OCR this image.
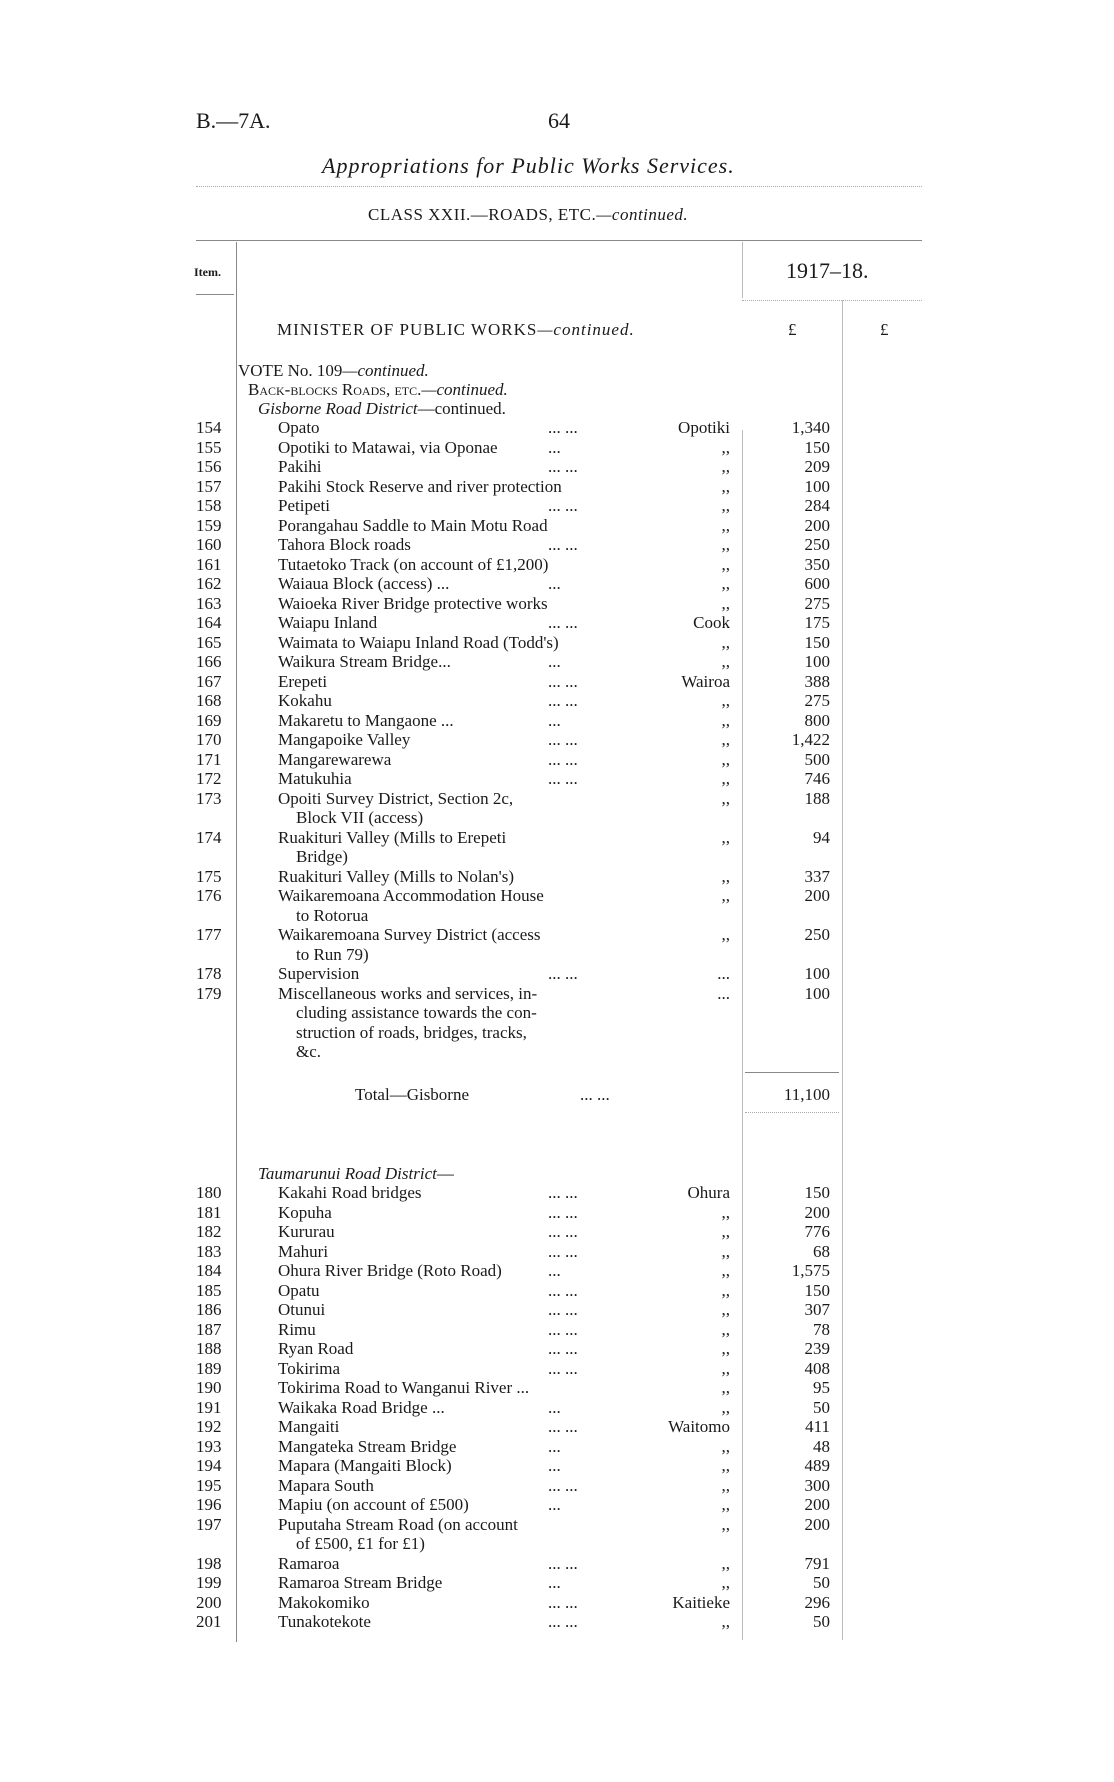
B.—7A.	64
Appropriations for Public Works Services.
CLASS XXII.—ROADS, ETC.—continued.
Item.	1917–18.
MINISTER OF PUBLIC WORKS—continued.	£	£
VOTE No. 109—continued.
Back-blocks Roads, etc.—continued.
Gisborne Road District—continued.
154	Opato	... ...	Opotiki	1,340
155	Opotiki to Matawai, via Oponae	...	,,	150
156	Pakihi	... ...	,,	209
157	Pakihi Stock Reserve and river protection	,,	100
158	Petipeti	... ...	,,	284
159	Porangahau Saddle to Main Motu Road	,,	200
160	Tahora Block roads	... ...	,,	250
161	Tutaetoko Track (on account of £1,200)	,,	350
162	Waiaua Block (access) ...	...	,,	600
163	Waioeka River Bridge protective works	,,	275
164	Waiapu Inland	... ...	Cook	175
165	Waimata to Waiapu Inland Road (Todd's)	,,	150
166	Waikura Stream Bridge...	...	,,	100
167	Erepeti	... ...	Wairoa	388
168	Kokahu	... ...	,,	275
169	Makaretu to Mangaone ...	...	,,	800
170	Mangapoike Valley	... ...	,,	1,422
171	Mangarewarewa	... ...	,,	500
172	Matukuhia	... ...	,,	746
173	Opoiti Survey District, Section 2c,	,,	188
Block VII (access)
174	Ruakituri Valley (Mills to Erepeti	,,	94
Bridge)
175	Ruakituri Valley (Mills to Nolan's)	,,	337
176	Waikaremoana Accommodation House	,,	200
to Rotorua
177	Waikaremoana Survey District (access	,,	250
to Run 79)
178	Supervision	... ...	...	100
179	Miscellaneous works and services, in-	...	100
cluding assistance towards the con-
struction of roads, bridges, tracks,
&c.
Total—Gisborne	... ...	11,100
Taumarunui Road District—
180	Kakahi Road bridges	... ...	Ohura	150
181	Kopuha	... ...	,,	200
182	Kururau	... ...	,,	776
183	Mahuri	... ...	,,	68
184	Ohura River Bridge (Roto Road)	...	,,	1,575
185	Opatu	... ...	,,	150
186	Otunui	... ...	,,	307
187	Rimu	... ...	,,	78
188	Ryan Road	... ...	,,	239
189	Tokirima	... ...	,,	408
190	Tokirima Road to Wanganui River ...	,,	95
191	Waikaka Road Bridge ...	...	,,	50
192	Mangaiti	... ...	Waitomo	411
193	Mangateka Stream Bridge	...	,,	48
194	Mapara (Mangaiti Block)	...	,,	489
195	Mapara South	... ...	,,	300
196	Mapiu (on account of £500)	...	,,	200
197	Puputaha Stream Road (on account	,,	200
of £500, £1 for £1)
198	Ramaroa	... ...	,,	791
199	Ramaroa Stream Bridge	...	,,	50
200	Makokomiko	... ...	Kaitieke	296
201	Tunakotekote	... ...	,,	50
